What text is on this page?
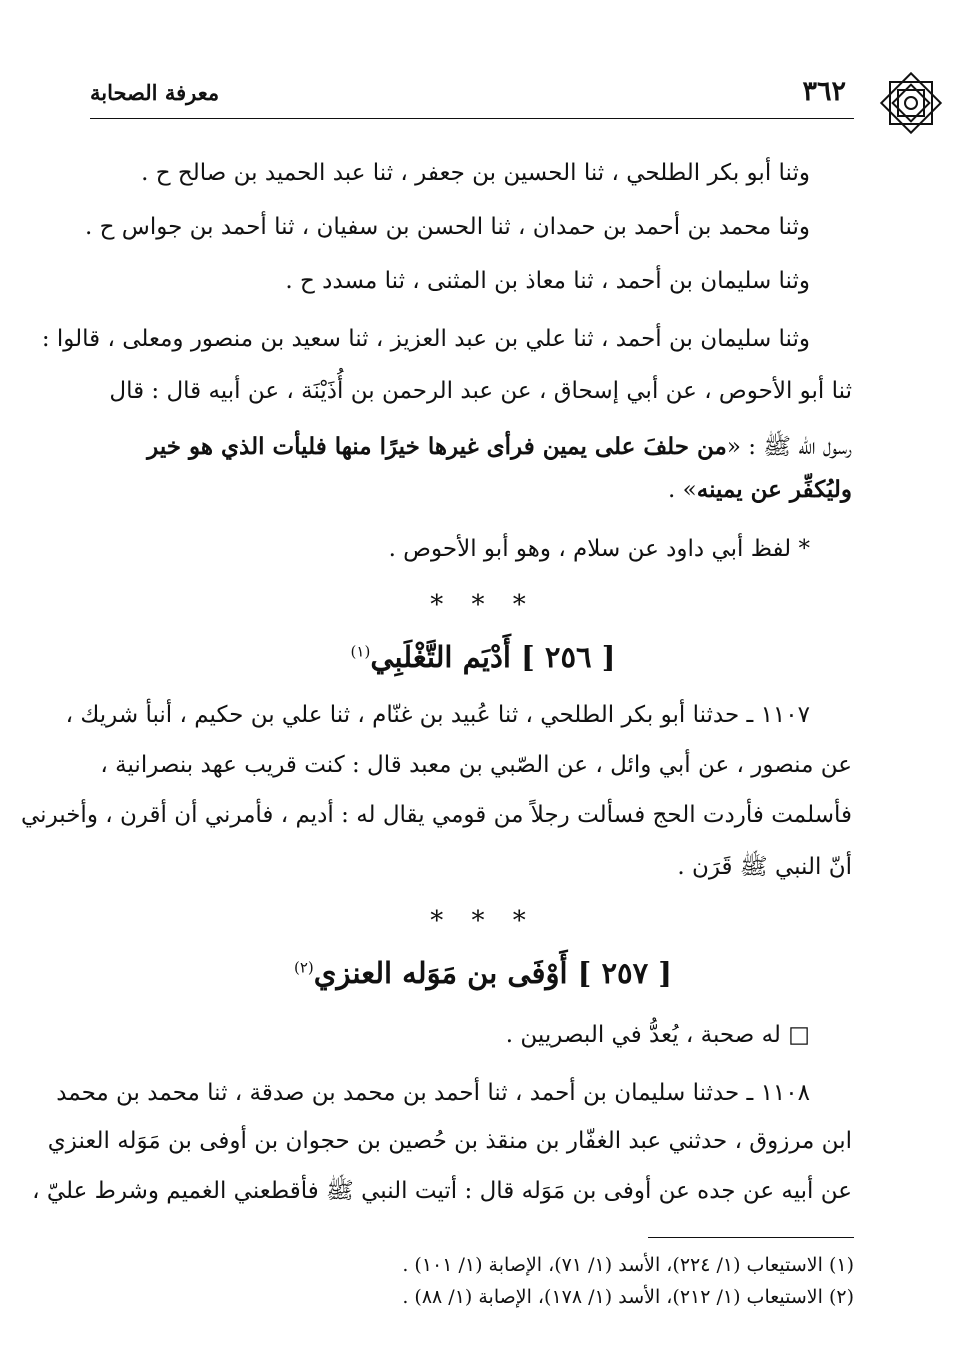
٣٦٢
معرفة الصحابة
وثنا أبو بكر الطلحي ، ثنا الحسين بن جعفر ، ثنا عبد الحميد بن صالح ح .
وثنا محمد بن أحمد بن حمدان ، ثنا الحسن بن سفيان ، ثنا أحمد بن جواس ح .
وثنا سليمان بن أحمد ، ثنا معاذ بن المثنى ، ثنا مسدد ح .
وثنا سليمان بن أحمد ، ثنا علي بن عبد العزيز ، ثنا سعيد بن منصور ومعلى ، قالوا :
ثنا أبو الأحوص ، عن أبي إسحاق ، عن عبد الرحمن بن أُذَيْنَة ، عن أبيه قال : قال
رسول الله ﷺ : «من حلفَ على يمين فرأى غيرها خيرًا منها فليأت الذي هو خير
وليُكفِّر عن يمينه» .
* لفظ أبي داود عن سلام ، وهو أبو الأحوص .
* * *
[ ٢٥٦ ] أَدْيَم التَّغْلَبِي$^{(١)}$
١١٠٧ ـ حدثنا أبو بكر الطلحي ، ثنا عُبيد بن غنّام ، ثنا علي بن حكيم ، أنبأ شريك ،
عن منصور ، عن أبي وائل ، عن الصّبي بن معبد قال : كنت قريب عهد بنصرانية ،
فأسلمت فأردت الحج فسألت رجلاً من قومي يقال له : أديم ، فأمرني أن أقرن ، وأخبرني
أنّ النبي ﷺ قَرَن .
* * *
[ ٢٥٧ ] أَوْفَى بن مَوَله العنزي$^{(٢)}$
□ له صحبة ، يُعدُّ في البصريين .
١١٠٨ ـ حدثنا سليمان بن أحمد ، ثنا أحمد بن محمد بن صدقة ، ثنا محمد بن محمد
ابن مرزوق ، حدثني عبد الغفّار بن منقذ بن حُصين بن حجوان بن أوفى بن مَوَله العنزي
عن أبيه عن جده عن أوفى بن مَوَله قال : أتيت النبي ﷺ فأقطعني الغميم وشرط عليّ ،
(١) الاستيعاب (١/ ٢٢٤)، الأسد (١/ ٧١)، الإصابة (١/ ١٠١) .
(٢) الاستيعاب (١/ ٢١٢)، الأسد (١/ ١٧٨)، الإصابة (١/ ٨٨) .
